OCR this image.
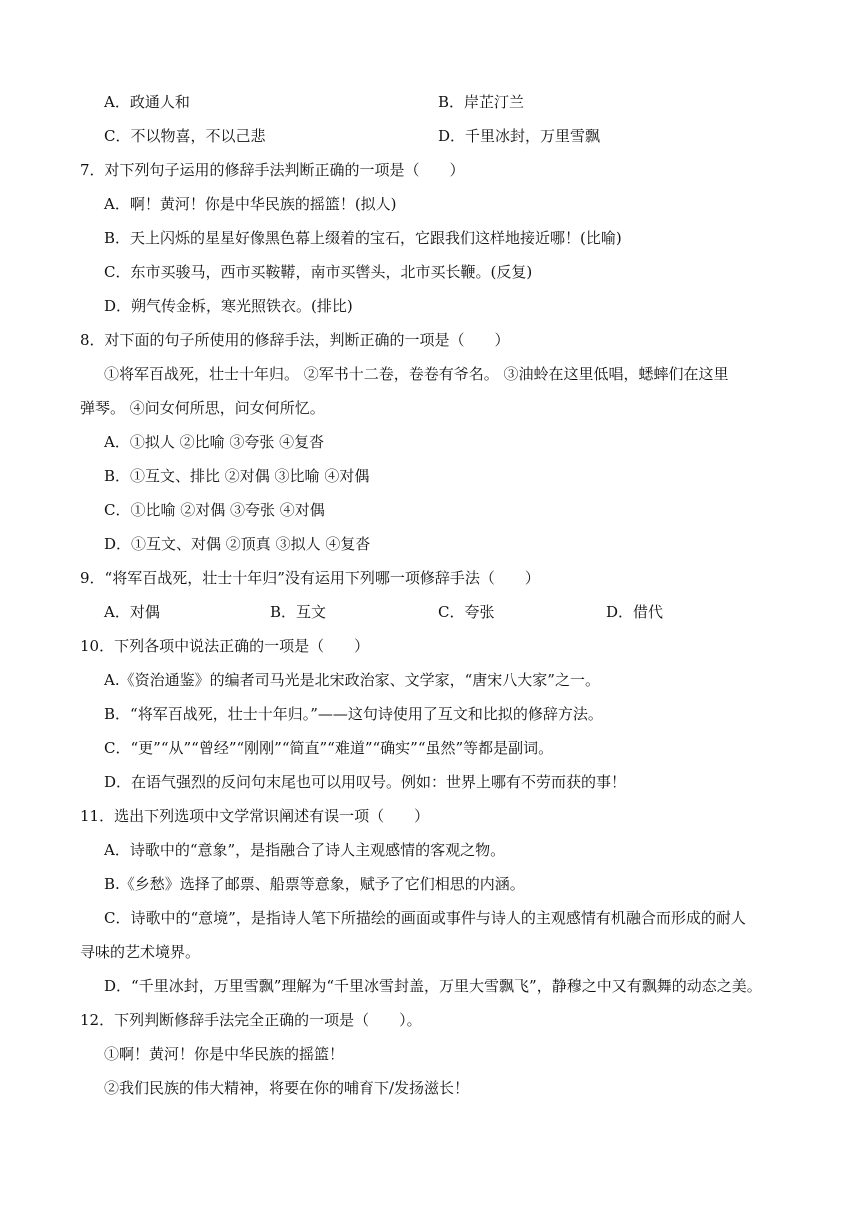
A．政通人和	B．岸芷汀兰
C．不以物喜，不以己悲	D．千里冰封，万里雪飘
7．对下列句子运用的修辞手法判断正确的一项是（　　）
A．啊！黄河！你是中华民族的摇篮！(拟人)
B．天上闪烁的星星好像黑色幕上缀着的宝石，它跟我们这样地接近哪！(比喻)
C．东市买骏马，西市买鞍鞯，南市买辔头，北市买长鞭。(反复)
D．朔气传金柝，寒光照铁衣。(排比)
8．对下面的句子所使用的修辞手法，判断正确的一项是（　　）
①将军百战死，壮士十年归。 ②军书十二卷，卷卷有爷名。 ③油蛉在这里低唱，蟋蟀们在这里
弹琴。 ④问女何所思，问女何所忆。
A．①拟人 ②比喻 ③夸张 ④复沓
B．①互文、排比 ②对偶 ③比喻 ④对偶
C．①比喻 ②对偶 ③夸张 ④对偶
D．①互文、对偶 ②顶真 ③拟人 ④复沓
9．“将军百战死，壮士十年归”没有运用下列哪一项修辞手法（　　）
A．对偶	B．互文	C．夸张	D．借代
10．下列各项中说法正确的一项是（　　）
A.《资治通鉴》的编者司马光是北宋政治家、文学家，“唐宋八大家”之一。
B．“将军百战死，壮士十年归。”——这句诗使用了互文和比拟的修辞方法。
C．“更”“从”“曾经”“刚刚”“简直”“难道”“确实”“虽然”等都是副词。
D．在语气强烈的反问句末尾也可以用叹号。例如：世界上哪有不劳而获的事！
11．选出下列选项中文学常识阐述有误一项（　　）
A．诗歌中的“意象”，是指融合了诗人主观感情的客观之物。
B.《乡愁》选择了邮票、船票等意象，赋予了它们相思的内涵。
C．诗歌中的“意境”，是指诗人笔下所描绘的画面或事件与诗人的主观感情有机融合而形成的耐人
寻味的艺术境界。
D．“千里冰封，万里雪飘”理解为“千里冰雪封盖，万里大雪飘飞”，静穆之中又有飘舞的动态之美。
12．下列判断修辞手法完全正确的一项是（　　）。
①啊！黄河！你是中华民族的摇篮！
②我们民族的伟大精神，将要在你的哺育下/发扬滋长！
